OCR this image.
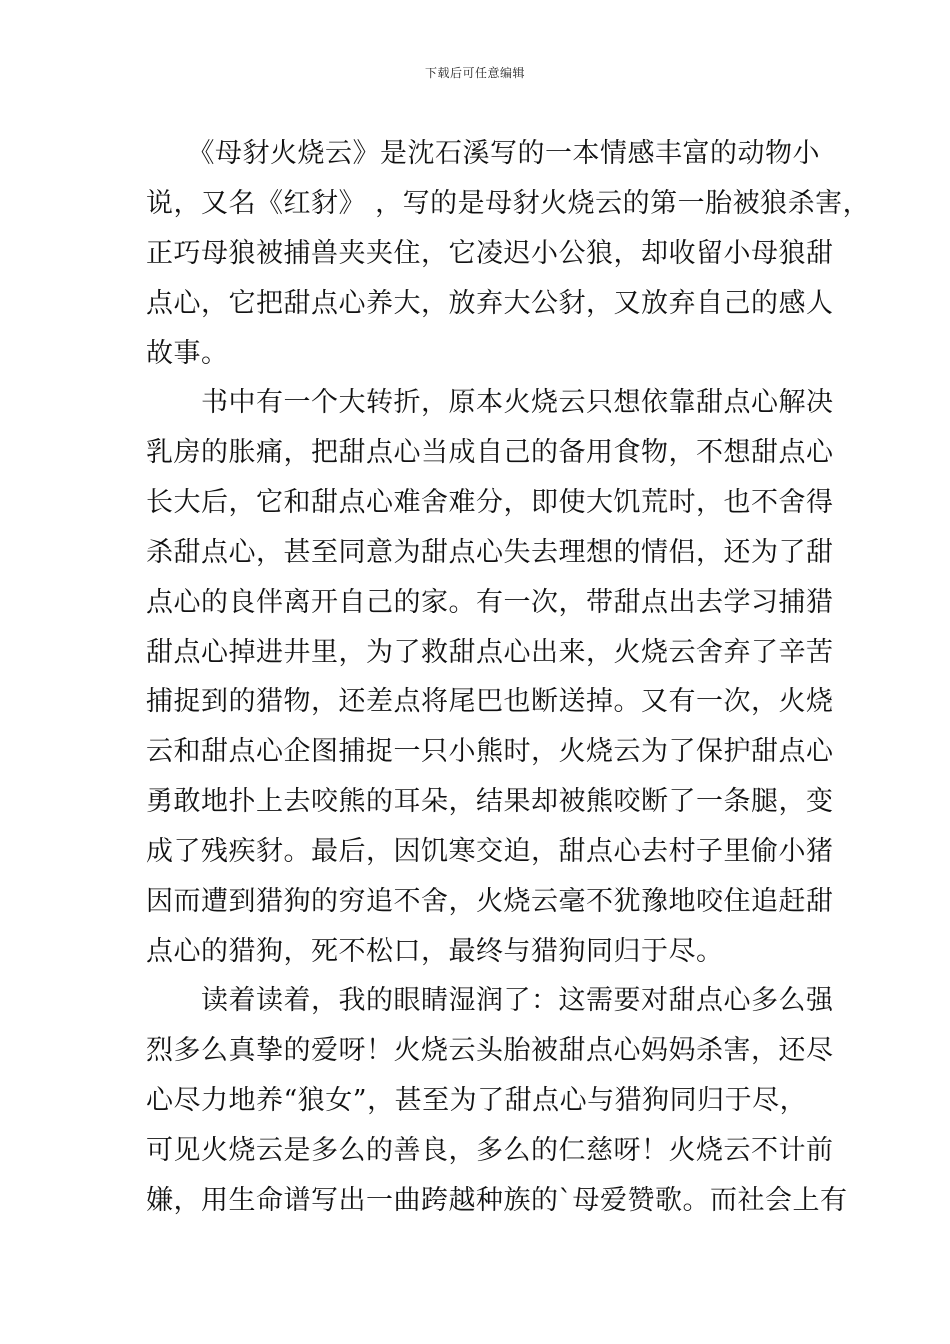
下载后可任意编辑
　　《母豺火烧云》是沈石溪写的一本情感丰富的动物小
说，又名《红豺》 ，写的是母豺火烧云的第一胎被狼杀害，
正巧母狼被捕兽夹夹住，它凌迟小公狼，却收留小母狼甜
点心，它把甜点心养大，放弃大公豺，又放弃自己的感人
故事。
　　书中有一个大转折，原本火烧云只想依靠甜点心解决
乳房的胀痛，把甜点心当成自己的备用食物，不想甜点心
长大后，它和甜点心难舍难分，即使大饥荒时，也不舍得
杀甜点心，甚至同意为甜点心失去理想的情侣，还为了甜
点心的良伴离开自己的家。有一次，带甜点出去学习捕猎
甜点心掉进井里，为了救甜点心出来，火烧云舍弃了辛苦
捕捉到的猎物，还差点将尾巴也断送掉。又有一次，火烧
云和甜点心企图捕捉一只小熊时，火烧云为了保护甜点心
勇敢地扑上去咬熊的耳朵，结果却被熊咬断了一条腿，变
成了残疾豺。最后，因饥寒交迫，甜点心去村子里偷小猪
因而遭到猎狗的穷追不舍，火烧云毫不犹豫地咬住追赶甜
点心的猎狗，死不松口，最终与猎狗同归于尽。
　　读着读着，我的眼睛湿润了：这需要对甜点心多么强
烈多么真挚的爱呀！火烧云头胎被甜点心妈妈杀害，还尽
心尽力地养“狼女”，甚至为了甜点心与猎狗同归于尽，
可见火烧云是多么的善良，多么的仁慈呀！火烧云不计前
嫌，用生命谱写出一曲跨越种族的`母爱赞歌。而社会上有
